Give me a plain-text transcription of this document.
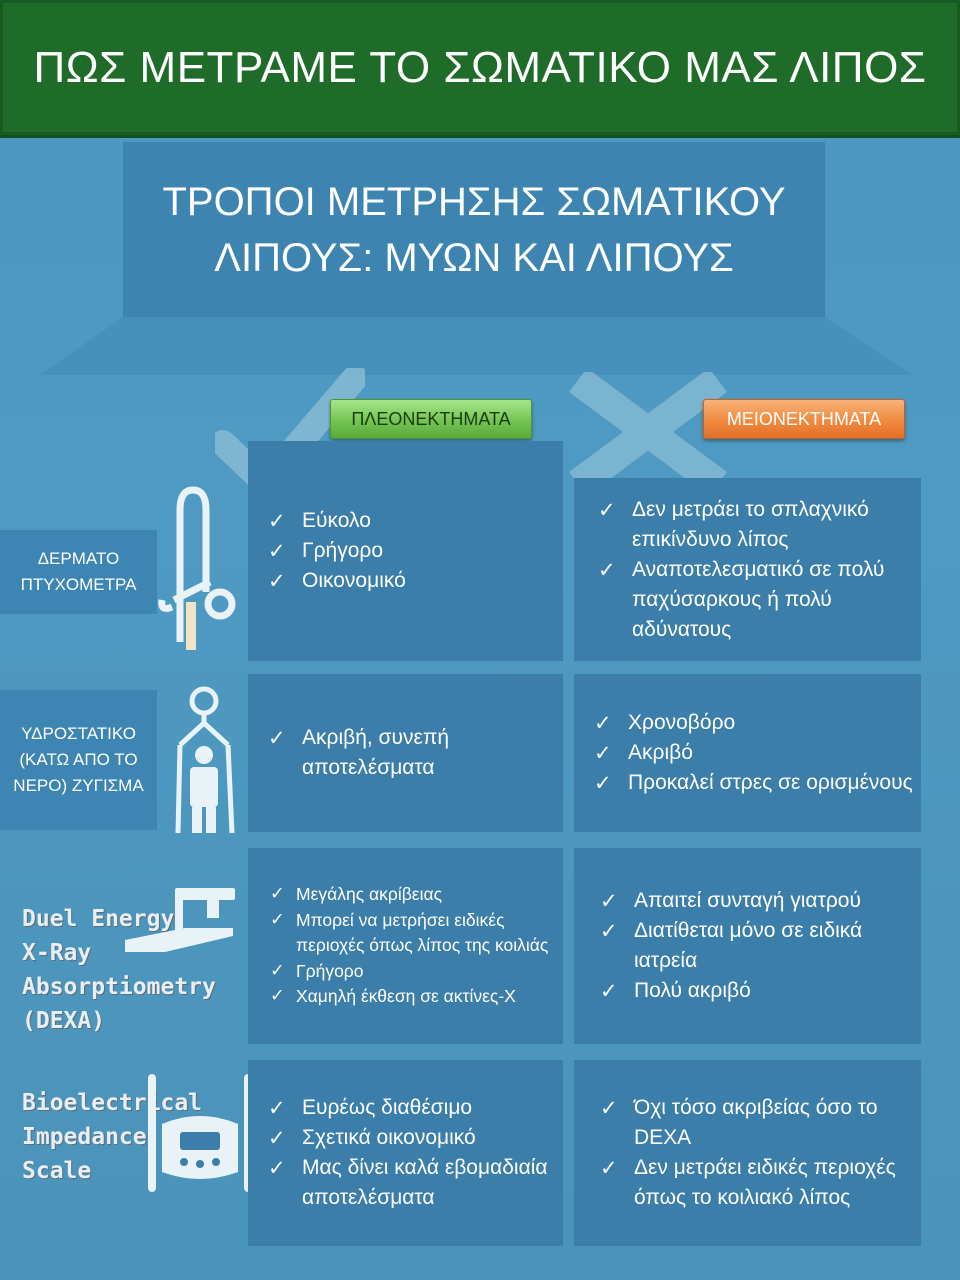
ΠΩΣ ΜΕΤΡΑΜΕ ΤΟ ΣΩΜΑΤΙΚΟ ΜΑΣ ΛΙΠΟΣ
ΤΡΟΠΟΙ ΜΕΤΡΗΣΗΣ ΣΩΜΑΤΙΚΟΥ ΛΙΠΟΥΣ: ΜΥΩΝ ΚΑΙ ΛΙΠΟΥΣ
ΠΛΕΟΝΕΚΤΗΜΑΤΑ	ΜΕΙΟΝΕΚΤΗΜΑΤΑ
ΔΕΡΜΑΤΟ ΠΤΥΧΟΜΕΤΡΑ
✓ Εύκολο
✓ Γρήγορο
✓ Οικονομικό
✓ Δεν μετράει το σπλαχνικό επικίνδυνο λίπος
✓ Αναποτελεσματικό σε πολύ παχύσαρκους ή πολύ αδύνατους
ΥΔΡΟΣΤΑΤΙΚΟ (ΚΑΤΩ ΑΠΟ ΤΟ ΝΕΡΟ) ΖΥΓΙΣΜΑ
✓ Ακριβή, συνεπή αποτελέσματα
✓ Χρονοβόρο
✓ Ακριβό
✓ Προκαλεί στρες σε ορισμένους
Duel Energy X-Ray Absorptiometry (DEXA)
✓ Μεγάλης ακρίβειας
✓ Μπορεί να μετρήσει ειδικές περιοχές όπως λίπος της κοιλιάς
✓ Γρήγορο
✓ Χαμηλή έκθεση σε ακτίνες-Χ
✓ Απαιτεί συνταγή γιατρού
✓ Διατίθεται μόνο σε ειδικά ιατρεία
✓ Πολύ ακριβό
Bioelectrical Impedance Scale
✓ Ευρέως διαθέσιμο
✓ Σχετικά οικονομικό
✓ Μας δίνει καλά εβομαδιαία αποτελέσματα
✓ Όχι τόσο ακριβείας όσο το DEXA
✓ Δεν μετράει ειδικές περιοχές όπως το κοιλιακό λίπος
